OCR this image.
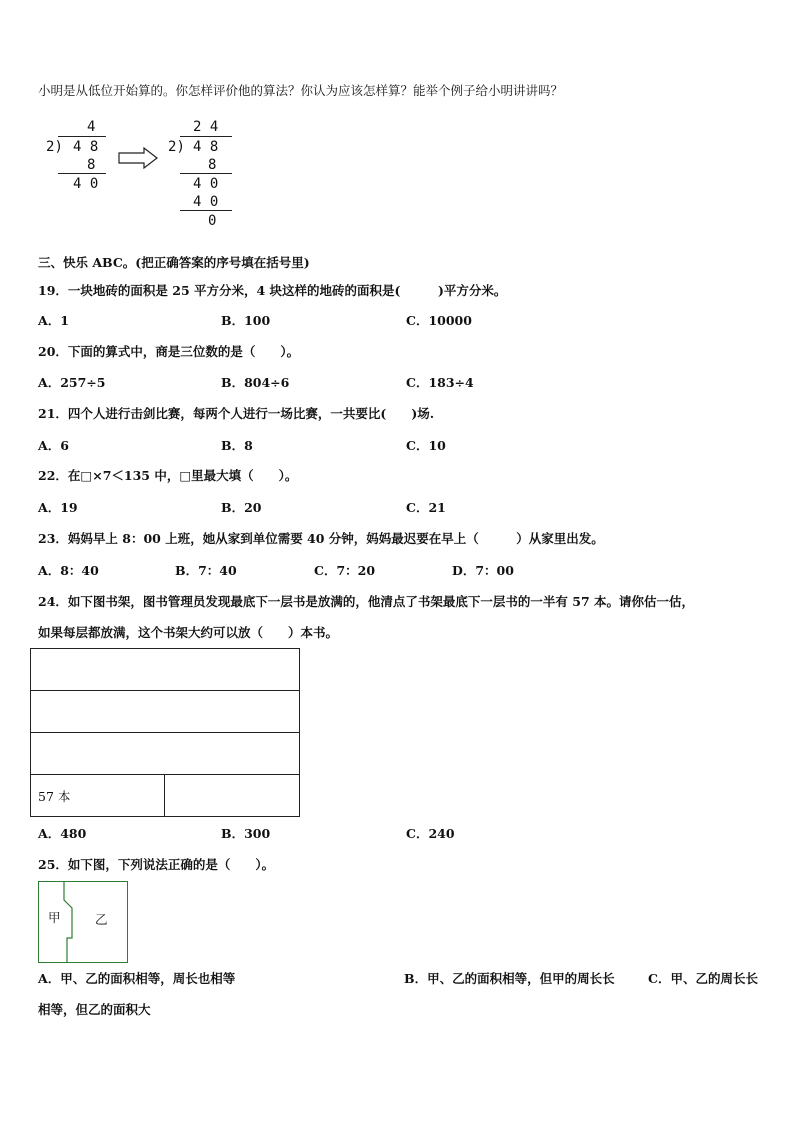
小明是从低位开始算的。你怎样评价他的算法？你认为应该怎样算？能举个例子给小明讲讲吗？
4
2) 4 8
8
4 0
2 4
2) 4 8
8
4 0
4 0
0
三、快乐 ABC。(把正确答案的序号填在括号里)
19．一块地砖的面积是 25 平方分米，4 块这样的地砖的面积是(　　　)平方分米。
A．1	B．100	C．10000
20．下面的算式中，商是三位数的是（　　）。
A．257÷5	B．804÷6	C．183÷4
21．四个人进行击剑比赛，每两个人进行一场比赛，一共要比(　　)场.
A．6	B．8	C．10
22．在□×7＜135 中，□里最大填（　　）。
A．19	B．20	C．21
23．妈妈早上 8：00 上班，她从家到单位需要 40 分钟，妈妈最迟要在早上（　　　）从家里出发。
A．8：40	B．7：40	C．7：20	D．7：00
24．如下图书架，图书管理员发现最底下一层书是放满的，他清点了书架最底下一层书的一半有 57 本。请你估一估，
如果每层都放满，这个书架大约可以放（　　）本书。
57 本
A．480	B．300	C．240
25．如下图，下列说法正确的是（　　）。
甲	乙
A．甲、乙的面积相等，周长也相等	B．甲、乙的面积相等，但甲的周长长	C．甲、乙的周长长
相等，但乙的面积大
